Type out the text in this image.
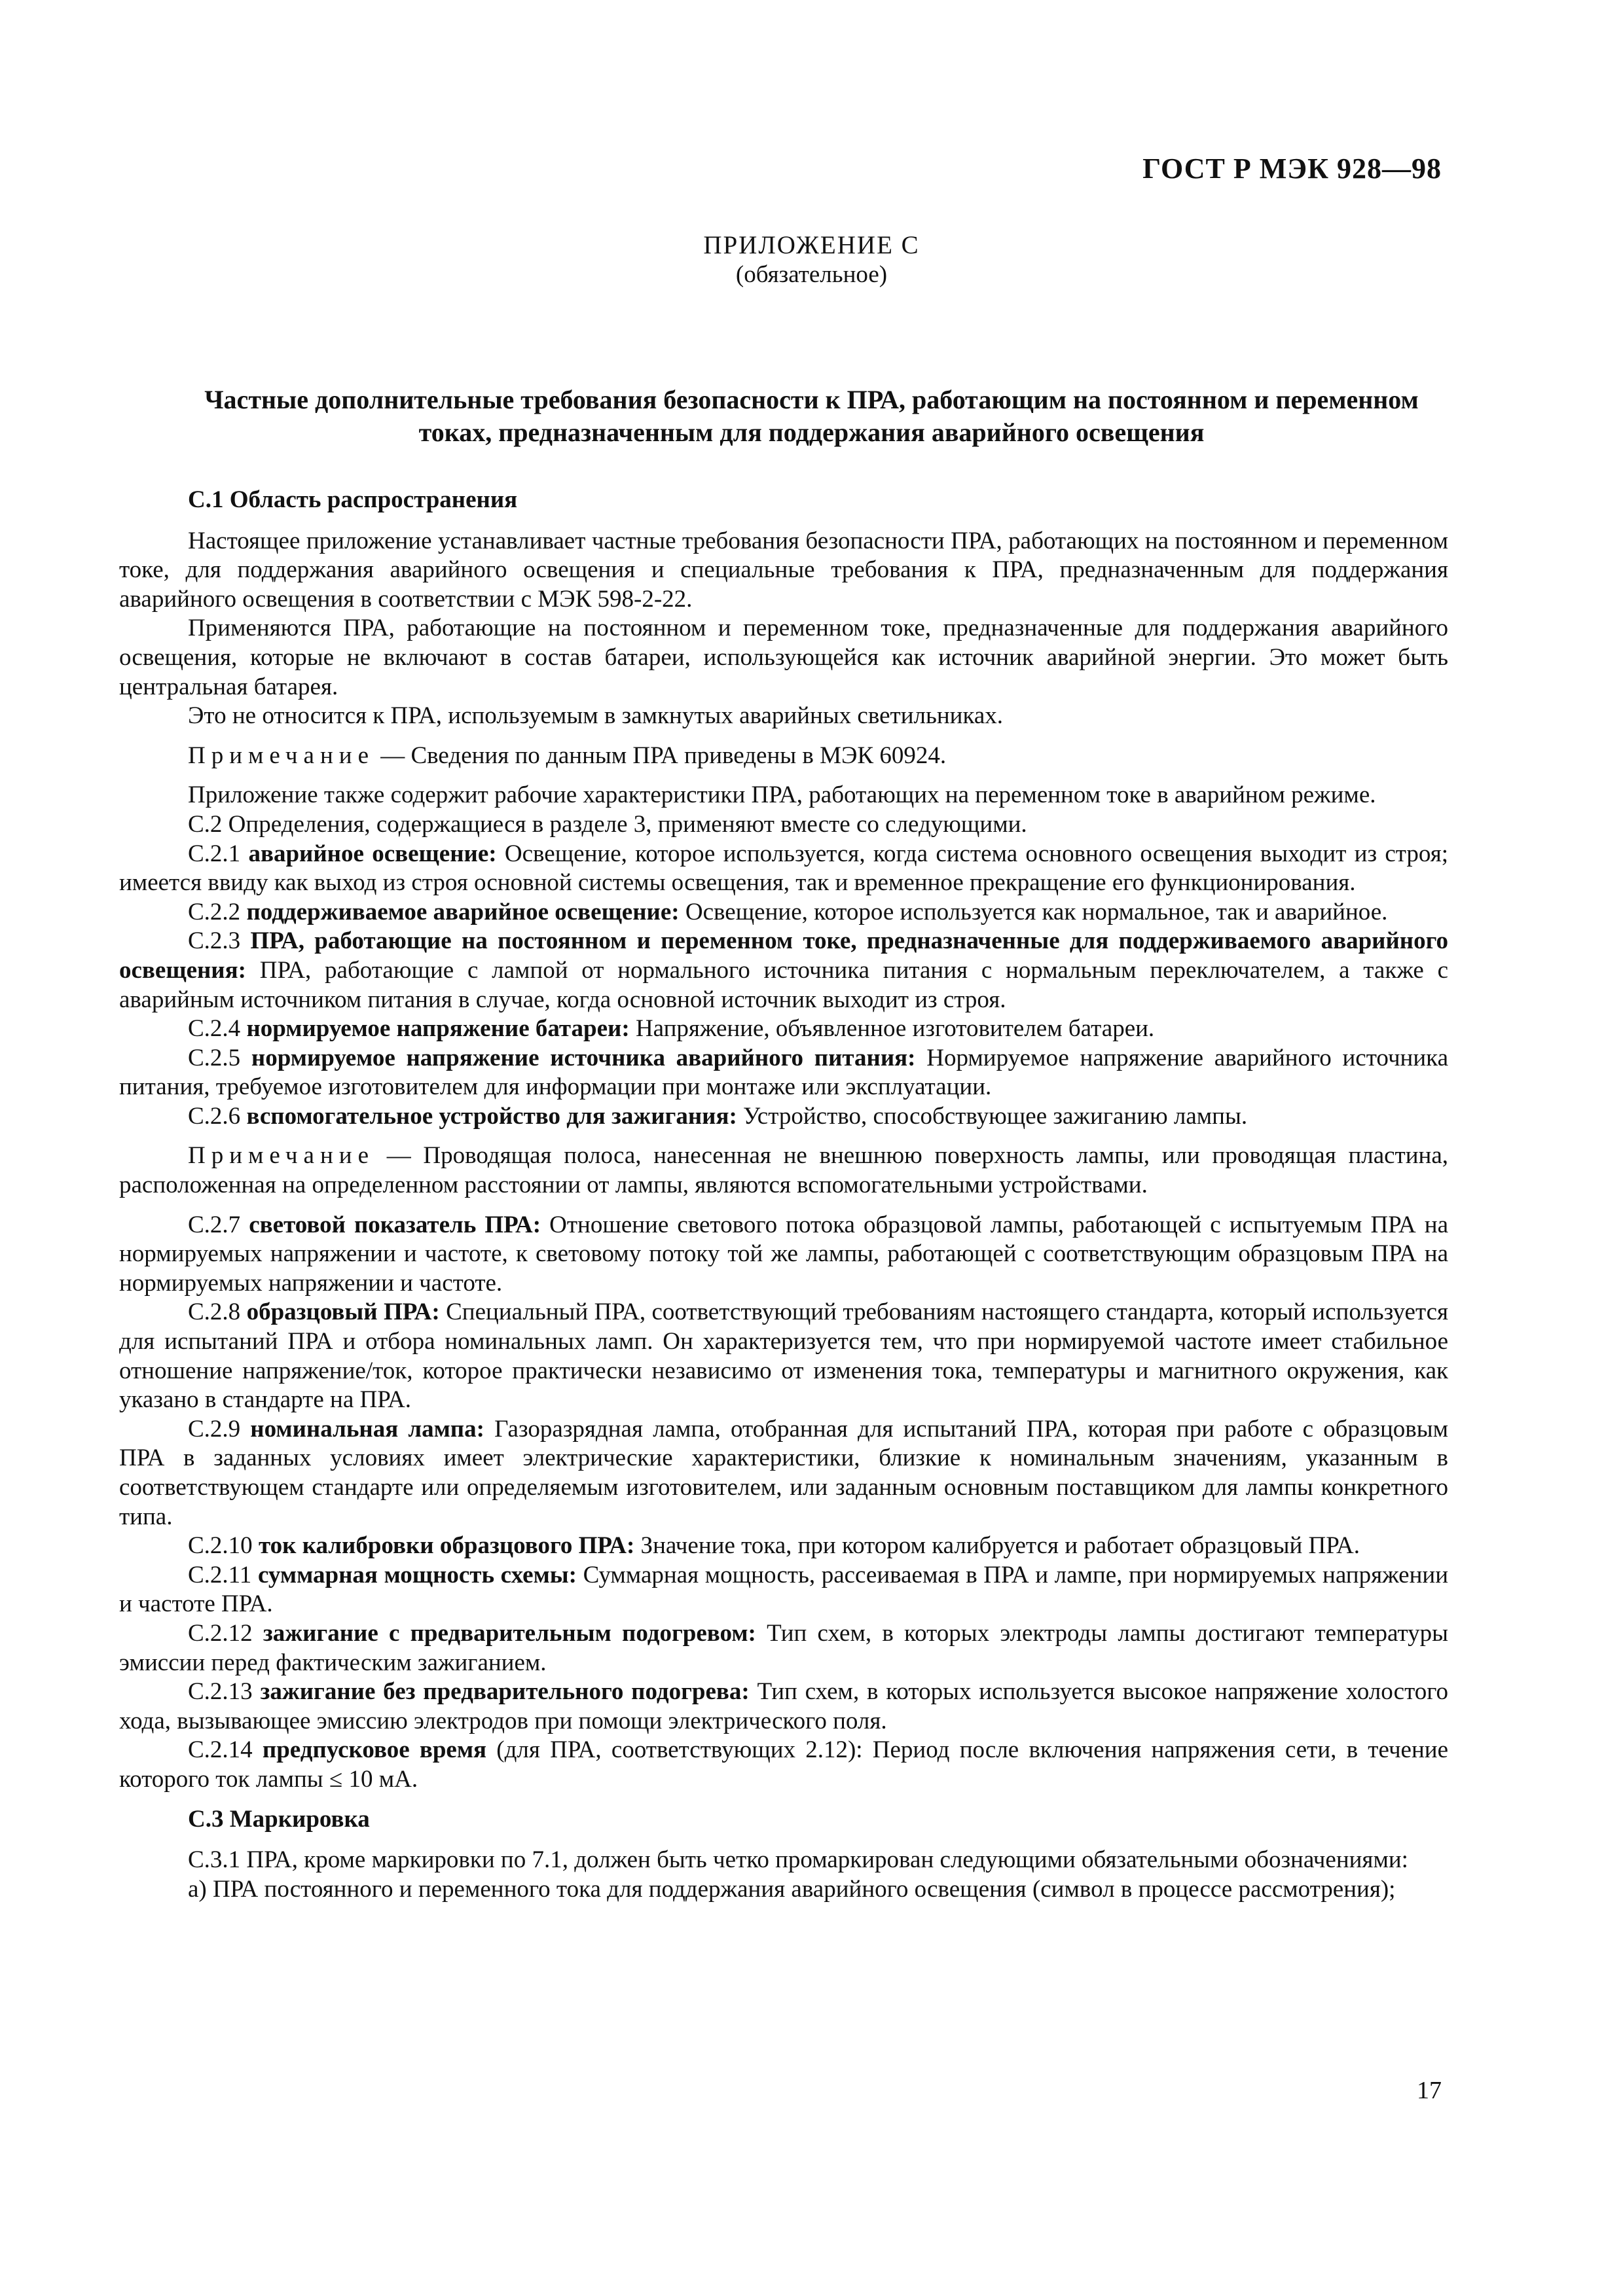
ГОСТ Р МЭК 928—98
ПРИЛОЖЕНИЕ С
(обязательное)
Частные дополнительные требования безопасности к ПРА, работающим на постоянном и переменном
токах, предназначенным для поддержания аварийного освещения

С.1 Область распространения

Настоящее приложение устанавливает частные требования безопасности ПРА, работающих на постоянном и переменном токе, для поддержания аварийного освещения и специальные требования к ПРА, предназначенным для поддержания аварийного освещения в соответствии с МЭК 598-2-22.

Применяются ПРА, работающие на постоянном и переменном токе, предназначенные для поддержания аварийного освещения, которые не включают в состав батареи, использующейся как источник аварийной энергии. Это может быть центральная батарея.

Это не относится к ПРА, используемым в замкнутых аварийных светильниках.

Примечание — Сведения по данным ПРА приведены в МЭК 60924.

Приложение также содержит рабочие характеристики ПРА, работающих на переменном токе в аварийном режиме.

С.2 Определения, содержащиеся в разделе 3, применяют вместе со следующими.

С.2.1 аварийное освещение: Освещение, которое используется, когда система основного освещения выходит из строя; имеется ввиду как выход из строя основной системы освещения, так и временное прекращение его функционирования.

С.2.2 поддерживаемое аварийное освещение: Освещение, которое используется как нормальное, так и аварийное.

С.2.3 ПРА, работающие на постоянном и переменном токе, предназначенные для поддерживаемого аварийного освещения: ПРА, работающие с лампой от нормального источника питания с нормальным переключателем, а также с аварийным источником питания в случае, когда основной источник выходит из строя.

С.2.4 нормируемое напряжение батареи: Напряжение, объявленное изготовителем батареи.

С.2.5 нормируемое напряжение источника аварийного питания: Нормируемое напряжение аварийного источника питания, требуемое изготовителем для информации при монтаже или эксплуатации.

С.2.6 вспомогательное устройство для зажигания: Устройство, способствующее зажиганию лампы.

Примечание — Проводящая полоса, нанесенная не внешнюю поверхность лампы, или проводящая пластина, расположенная на определенном расстоянии от лампы, являются вспомогательными устройствами.

С.2.7 световой показатель ПРА: Отношение светового потока образцовой лампы, работающей с испытуемым ПРА на нормируемых напряжении и частоте, к световому потоку той же лампы, работающей с соответствующим образцовым ПРА на нормируемых напряжении и частоте.

С.2.8 образцовый ПРА: Специальный ПРА, соответствующий требованиям настоящего стандарта, который используется для испытаний ПРА и отбора номинальных ламп. Он характеризуется тем, что при нормируемой частоте имеет стабильное отношение напряжение/ток, которое практически независимо от изменения тока, температуры и магнитного окружения, как указано в стандарте на ПРА.

С.2.9 номинальная лампа: Газоразрядная лампа, отобранная для испытаний ПРА, которая при работе с образцовым ПРА в заданных условиях имеет электрические характеристики, близкие к номинальным значениям, указанным в соответствующем стандарте или определяемым изготовителем, или заданным основным поставщиком для лампы конкретного типа.

С.2.10 ток калибровки образцового ПРА: Значение тока, при котором калибруется и работает образцовый ПРА.

С.2.11 суммарная мощность схемы: Суммарная мощность, рассеиваемая в ПРА и лампе, при нормируемых напряжении и частоте ПРА.

С.2.12 зажигание с предварительным подогревом: Тип схем, в которых электроды лампы достигают температуры эмиссии перед фактическим зажиганием.

С.2.13 зажигание без предварительного подогрева: Тип схем, в которых используется высокое напряжение холостого хода, вызывающее эмиссию электродов при помощи электрического поля.

С.2.14 предпусковое время (для ПРА, соответствующих 2.12): Период после включения напряжения сети, в течение которого ток лампы ≤ 10 мА.

С.3 Маркировка

С.3.1 ПРА, кроме маркировки по 7.1, должен быть четко промаркирован следующими обязательными обозначениями:

а) ПРА постоянного и переменного тока для поддержания аварийного освещения (символ в процессе рассмотрения);

17
